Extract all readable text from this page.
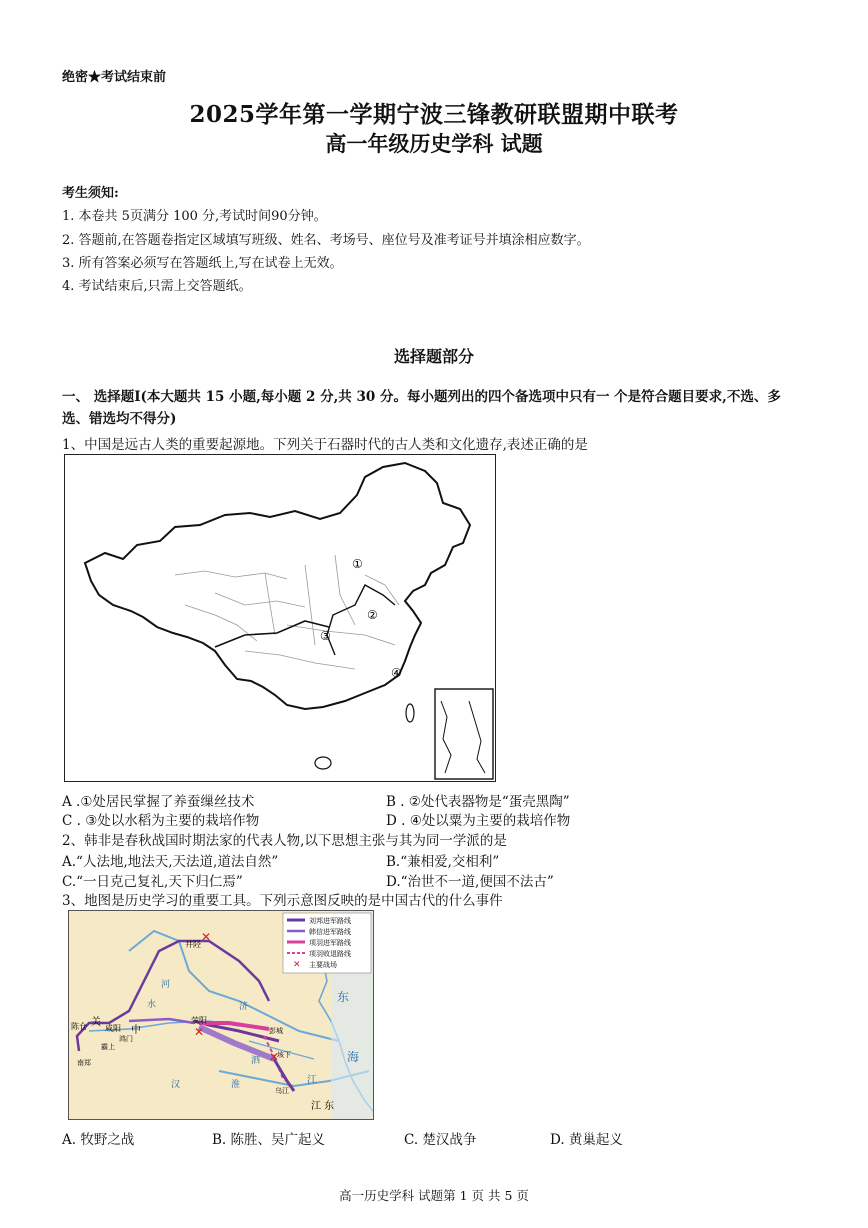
绝密★考试结束前
2025学年第一学期宁波三锋教研联盟期中联考
高一年级历史学科 试题
考生须知:
1. 本卷共 5页满分 100 分,考试时间90分钟。
2. 答题前,在答题卷指定区域填写班级、姓名、考场号、座位号及准考证号并填涂相应数字。
3. 所有答案必须写在答题纸上,写在试卷上无效。
4. 考试结束后,只需上交答题纸。
选择题部分
一、 选择题Ⅰ(本大题共 15 小题,每小题 2 分,共 30 分。每小题列出的四个备选项中只有一 个是符合题目要求,不选、多选、错选均不得分)
1、中国是远古人类的重要起源地。下列关于石器时代的古人类和文化遗存,表述正确的是
①
②
③
④
A .①处居民掌握了养蚕缫丝技术	B . ②处代表器物是“蛋壳黑陶”
C . ③处以水稻为主要的栽培作物	D . ④处以粟为主要的栽培作物
2、韩非是春秋战国时期法家的代表人物,以下思想主张与其为同一学派的是
A.“人法地,地法天,天法道,道法自然”	B.“兼相爱,交相利”
C.“一日克己复礼,天下归仁焉”	D.“治世不一道,便国不法古”
3、地图是历史学习的重要工具。下列示意图反映的是中国古代的什么事件
✕
刘邦进军路线
韩信进军路线
项羽进军路线
项羽败退路线
主要战场
✕
✕
✕
井陉
陈仓 关
中
咸阳
霸上
鸿门
南郑
荥阳
彭城
垓下
乌江
江 东
东
海
河
水	济
淮	江
汉
泗
A. 牧野之战	B. 陈胜、吴广起义	C. 楚汉战争	D. 黄巢起义
高一历史学科 试题第 1 页 共 5 页
